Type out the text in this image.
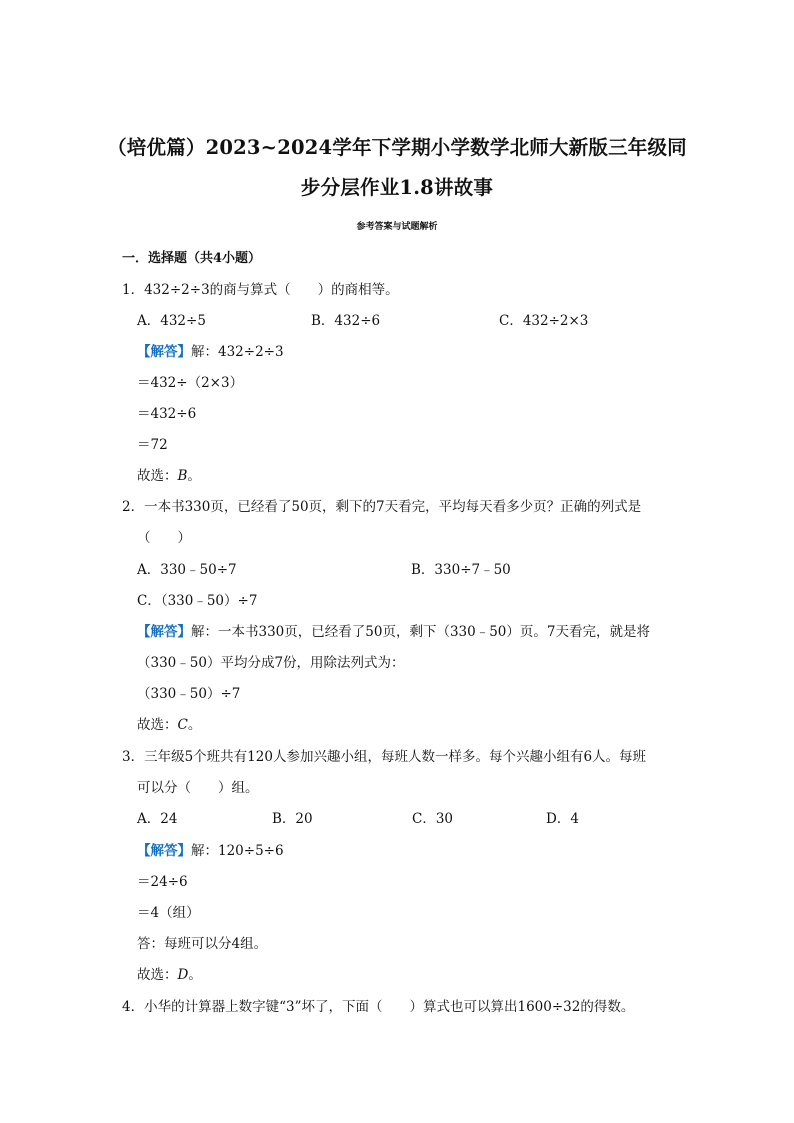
（培优篇）2023~2024学年下学期小学数学北师大新版三年级同
步分层作业1.8讲故事
参考答案与试题解析
一．选择题（共4小题）
1．432÷2÷3的商与算式（　　）的商相等。
A．432÷5	B．432÷6	C．432÷2×3
【解答】解：432÷2÷3
＝432÷（2×3）
＝432÷6
＝72
故选：B。
2．一本书330页，已经看了50页，剩下的7天看完，平均每天看多少页？正确的列式是
（　　）
A．330﹣50÷7	B．330÷7﹣50
C．（330﹣50）÷7
【解答】解：一本书330页，已经看了50页，剩下（330﹣50）页。7天看完，就是将
（330﹣50）平均分成7份，用除法列式为：
（330﹣50）÷7
故选：C。
3．三年级5个班共有120人参加兴趣小组，每班人数一样多。每个兴趣小组有6人。每班
可以分（　　）组。
A．24	B．20	C．30	D．4
【解答】解：120÷5÷6
＝24÷6
＝4（组）
答：每班可以分4组。
故选：D。
4．小华的计算器上数字键“3”坏了，下面（　　）算式也可以算出1600÷32的得数。
